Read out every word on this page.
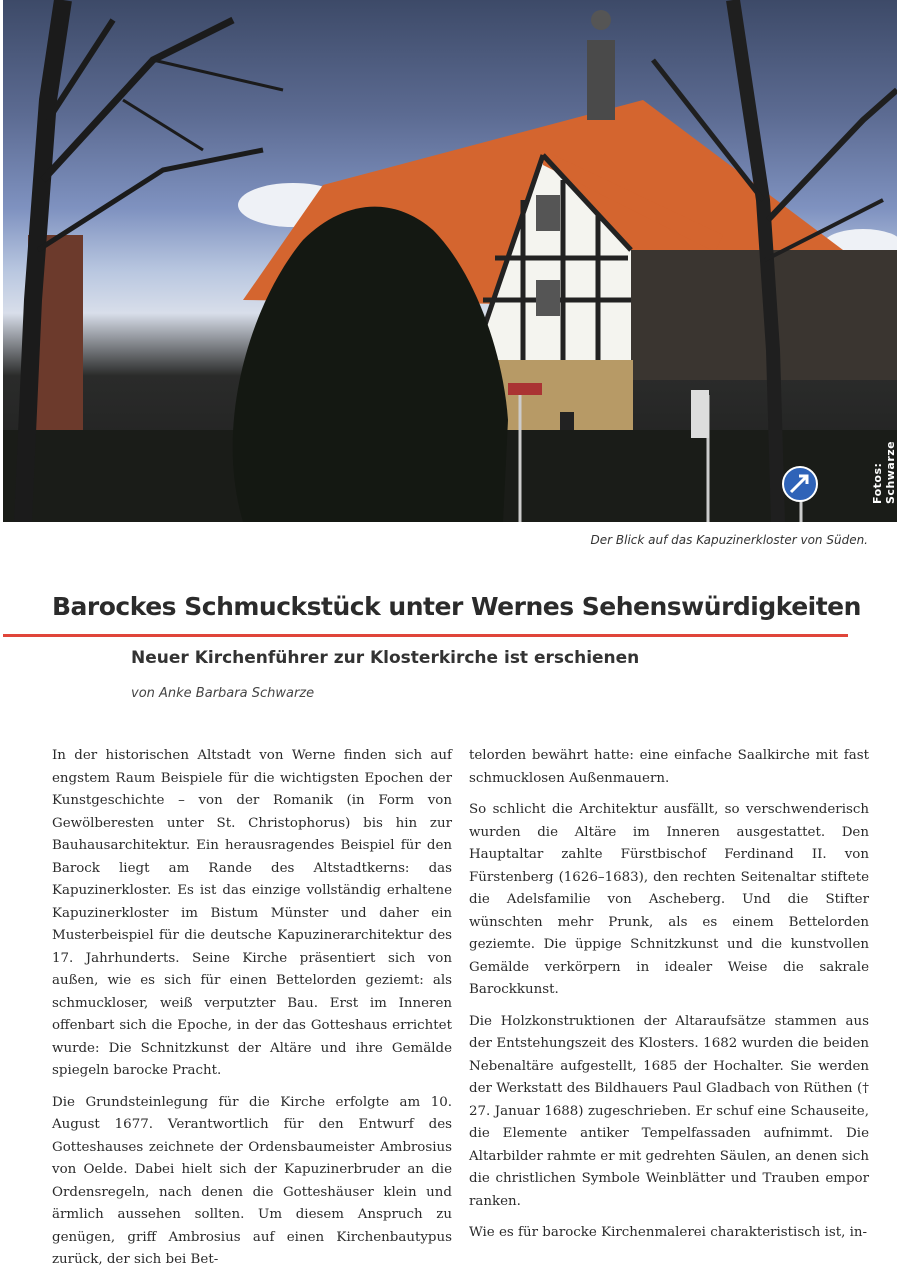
Fotos: Schwarze
Der Blick auf das Kapuzinerkloster von Süden.
Barockes Schmuckstück unter Wernes Sehenswürdigkeiten
Neuer Kirchenführer zur Klosterkirche ist erschienen
von Anke Barbara Schwarze

In der historischen Altstadt von Werne finden sich auf engstem Raum Beispiele für die wichtigsten Epochen der Kunstgeschichte – von der Romanik (in Form von Gewölberesten unter St. Christophorus) bis hin zur Bauhausarchitektur. Ein herausragendes Beispiel für den Barock liegt am Rande des Altstadtkerns: das Kapuzinerkloster. Es ist das einzige vollständig erhaltene Kapuzinerkloster im Bistum Münster und daher ein Musterbeispiel für die deutsche Kapuzinerarchitektur des 17. Jahrhunderts. Seine Kirche präsentiert sich von außen, wie es sich für einen Bettelorden geziemt: als schmuckloser, weiß verputzter Bau. Erst im Inneren offenbart sich die Epoche, in der das Gotteshaus errichtet wurde: Die Schnitzkunst der Altäre und ihre Gemälde spiegeln barocke Pracht.

Die Grundsteinlegung für die Kirche erfolgte am 10. August 1677. Verantwortlich für den Entwurf des Gotteshauses zeichnete der Ordensbaumeister Ambrosius von Oelde. Dabei hielt sich der Kapuzinerbruder an die Ordensregeln, nach denen die Gotteshäuser klein und ärmlich aussehen sollten. Um diesem Anspruch zu genügen, griff Ambrosius auf einen Kirchenbautypus zurück, der sich bei Bet-

telorden bewährt hatte: eine einfache Saalkirche mit fast schmucklosen Außenmauern.

So schlicht die Architektur ausfällt, so verschwenderisch wurden die Altäre im Inneren ausgestattet. Den Hauptaltar zahlte Fürstbischof Ferdinand II. von Fürstenberg (1626–1683), den rechten Seitenaltar stiftete die Adelsfamilie von Ascheberg. Und die Stifter wünschten mehr Prunk, als es einem Bettelorden geziemte. Die üppige Schnitzkunst und die kunstvollen Gemälde verkörpern in idealer Weise die sakrale Barockkunst.

Die Holzkonstruktionen der Altaraufsätze stammen aus der Entstehungszeit des Klosters. 1682 wurden die beiden Nebenaltäre aufgestellt, 1685 der Hochalter. Sie werden der Werkstatt des Bildhauers Paul Gladbach von Rüthen († 27. Januar 1688) zugeschrieben. Er schuf eine Schauseite, die Elemente antiker Tempelfassaden aufnimmt. Die Altarbilder rahmte er mit gedrehten Säulen, an denen sich die christlichen Symbole Weinblätter und Trauben empor ranken.

Wie es für barocke Kirchenmalerei charakteristisch ist, in-
